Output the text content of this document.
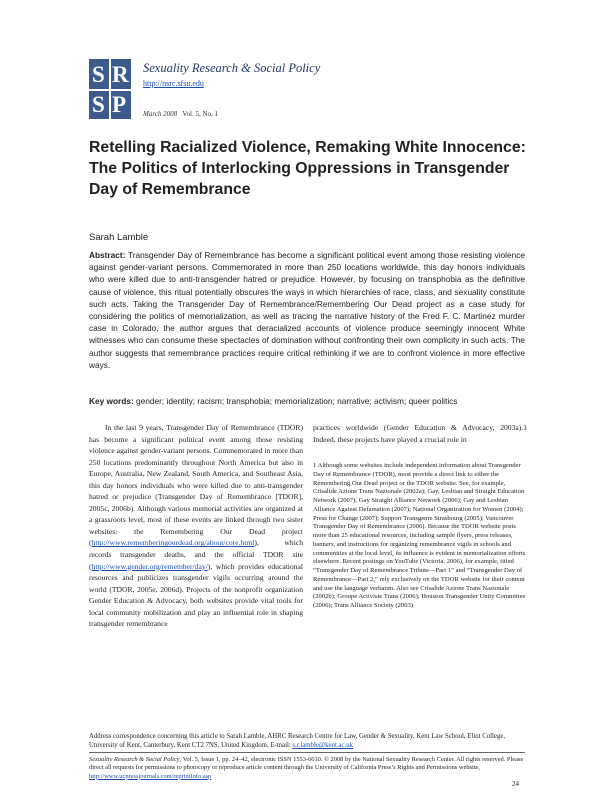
S R
S P
Sexuality Research & Social Policy
http://nsrc.sfsu.edu
March 2008 Vol. 5, No. 1
Retelling Racialized Violence, Remaking White Innocence: The Politics of Interlocking Oppressions in Transgender Day of Remembrance
Sarah Lamble
Abstract: Transgender Day of Remembrance has become a significant political event among those resisting violence against gender-variant persons. Commemorated in more than 250 locations worldwide, this day honors individuals who were killed due to anti-transgender hatred or prejudice. However, by focusing on transphobia as the definitive cause of violence, this ritual potentially obscures the ways in which hierarchies of race, class, and sexuality constitute such acts. Taking the Transgender Day of Remembrance/Remembering Our Dead project as a case study for considering the politics of memorialization, as well as tracing the narrative history of the Fred F. C. Martinez murder case in Colorado, the author argues that deracialized accounts of violence produce seemingly innocent White witnesses who can consume these spectacles of domination without confronting their own complicity in such acts. The author suggests that remembrance practices require critical rethinking if we are to confront violence in more effective ways.
Key words: gender; identity; racism; transphobia; memorialization; narrative; activism; queer politics

In the last 9 years, Transgender Day of Remembrance (TDOR) has become a significant political event among those resisting violence against gender-variant persons. Commemorated in more than 250 locations predominantly throughout North America but also in Europe, Australia, New Zealand, South America, and Southeast Asia, this day honors individuals who were killed due to anti-transgender hatred or prejudice (Transgender Day of Remembrance [TDOR], 2005c, 2006b). Although various memorial activities are organized at a grassroots level, most of these events are linked through two sister websites: the Remembering Our Dead project (http://www.rememberingourdead.org/about/core.html), which records transgender deaths, and the official TDOR site (http://www.gender.org/remember/day/), which provides educational resources and publicizes transgender vigils occurring around the world (TDOR, 2005e, 2006d). Projects of the nonprofit organization Gender Education & Advocacy, both websites provide vital tools for local community mobilization and play an influential role in shaping transgender remembrance

practices worldwide (Gender Education & Advocacy, 2003a).1 Indeed, these projects have played a crucial role in
1 Although some websites include independent information about Transgender Day of Remembrance (TDOR), most provide a direct link to either the Remembering Our Dead project or the TDOR website. See, for example, Crisalide Azione Trans Nazionale (2002a); Gay, Lesbian and Straight Education Network (2007); Gay Straight Alliance Network (2006); Gay and Lesbian Alliance Against Defamation (2007); National Organization for Women (2004); Press for Change (2007); Support Transgenre Strasbourg (2005); Vancouver Transgender Day of Remembrance (2006). Because the TDOR website posts more than 25 educational resources, including sample flyers, press releases, banners, and instructions for organizing remembrance vigils in schools and communities at the local level, its influence is evident in memorialization efforts elsewhere. Recent postings on YouTube (Victoria, 2006), for example, titled “Transgender Day of Remembrance Tribute—Part 1” and “Transgender Day of Remembrance—Part 2,” rely exclusively on the TDOR website for their content and use the language verbatim. Also see Crisalide Azione Trans Nazionale (2002b); Groupe Activiste Trans (2006); Houston Transgender Unity Committee (2006); Trans Alliance Society (2003).
Address correspondence concerning this article to Sarah Lamble, AHRC Research Centre for Law, Gender & Sexuality, Kent Law School, Eliot College, University of Kent, Canterbury, Kent CT2 7NS, United Kingdom. E-mail: s.r.lamble@kent.ac.uk
Sexuality Research & Social Policy, Vol. 5, Issue 1, pp. 24–42, electronic ISSN 1553-6610. © 2008 by the National Sexuality Research Center. All rights reserved. Please direct all requests for permissions to photocopy or reproduce article content through the University of California Press’s Rights and Permissions website, http://www.ucpressjournals.com/reprintInfo.asp
24
